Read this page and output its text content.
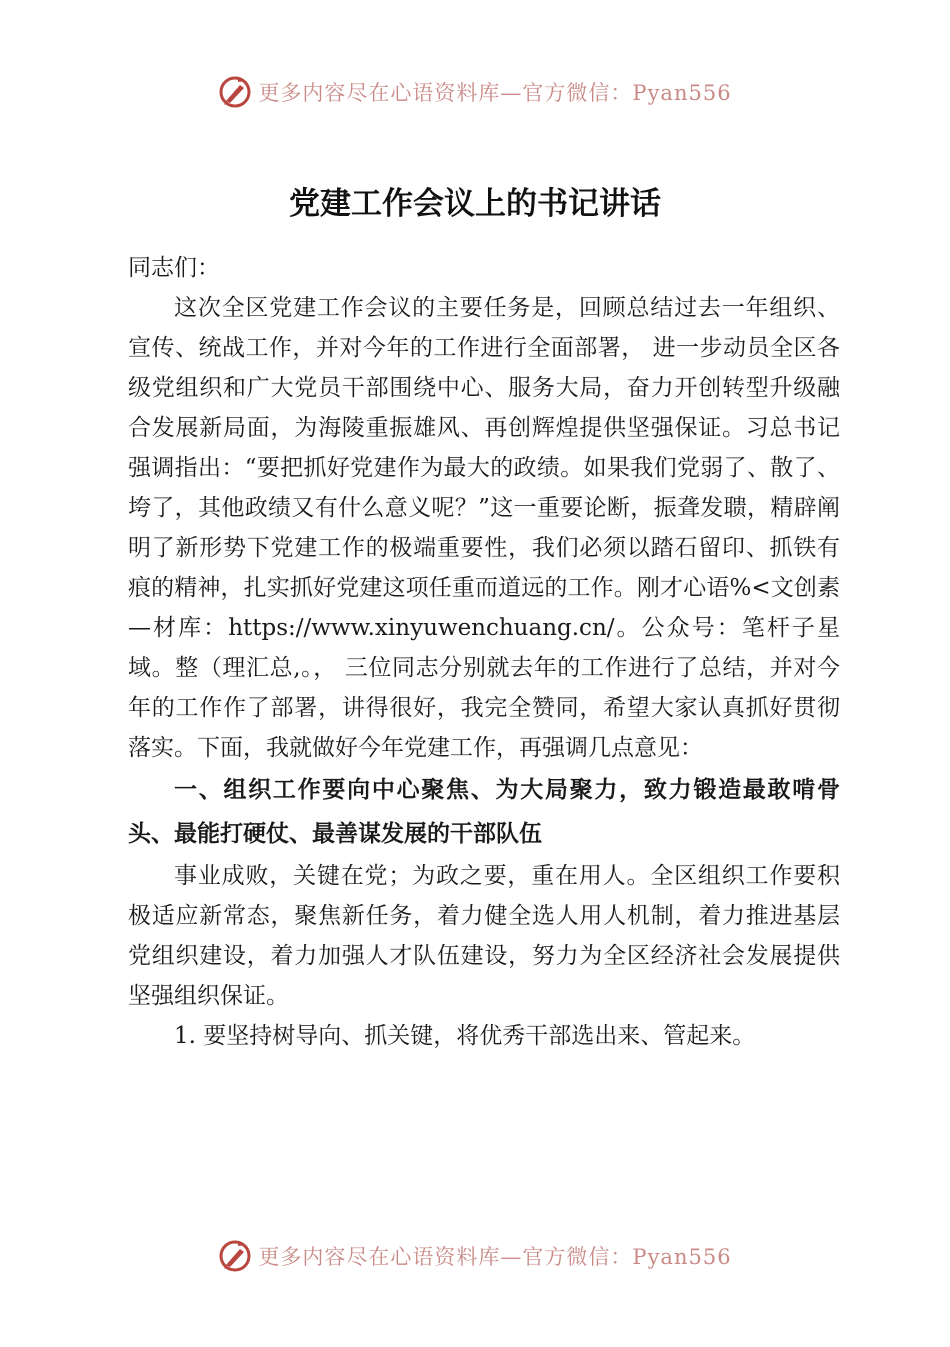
更多内容尽在心语资料库—官方微信：Pyan556
党建工作会议上的书记讲话

同志们：

这次全区党建工作会议的主要任务是，回顾总结过去一年组织、宣传、统战工作，并对今年的工作进行全面部署， 进一步动员全区各级党组织和广大党员干部围绕中心、服务大局，奋力开创转型升级融合发展新局面，为海陵重振雄风、再创辉煌提供坚强保证。习总书记强调指出：“要把抓好党建作为最大的政绩。如果我们党弱了、散了、垮了，其他政绩又有什么意义呢？”这一重要论断，振聋发聩，精辟阐明了新形势下党建工作的极端重要性，我们必须以踏石留印、抓铁有痕的精神，扎实抓好党建这项任重而道远的工作。刚才心语%<文创素—材库：https://www.xinyuwenchuang.cn/。公众号：笔杆子星域。整（理汇总,。， 三位同志分别就去年的工作进行了总结，并对今年的工作作了部署，讲得很好，我完全赞同，希望大家认真抓好贯彻落实。下面，我就做好今年党建工作，再强调几点意见：

一、组织工作要向中心聚焦、为大局聚力，致力锻造最敢啃骨头、最能打硬仗、最善谋发展的干部队伍

事业成败，关键在党；为政之要，重在用人。全区组织工作要积极适应新常态，聚焦新任务，着力健全选人用人机制，着力推进基层党组织建设，着力加强人才队伍建设，努力为全区经济社会发展提供坚强组织保证。

1. 要坚持树导向、抓关键，将优秀干部选出来、管起来。

更多内容尽在心语资料库—官方微信：Pyan556
